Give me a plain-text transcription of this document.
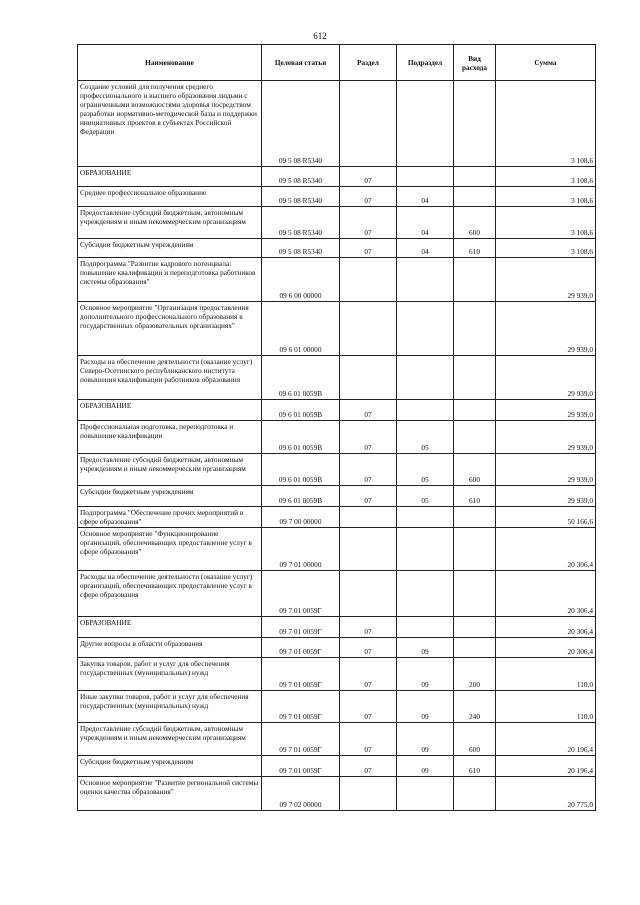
612
Наименование	Целевая статья	Раздел	Подраздел	Вид расхода	Сумма
Создание условий для получения среднего профессионального и высшего образования людьми с ограниченными возможностями здоровья посредством разработки нормативно-методической базы и поддержки инициативных проектов в субъектах Российской Федерации	09 5 08 R5340				3 108,6
ОБРАЗОВАНИЕ	09 5 08 R5340	07			3 108,6
Среднее профессиональное образование	09 5 08 R5340	07	04		3 108,6
Предоставление субсидий бюджетным, автономным учреждениям и иным некоммерческим организациям	09 5 08 R5340	07	04	600	3 108,6
Субсидии бюджетным учреждениям	09 5 08 R5340	07	04	610	3 108,6
Подпрограмма "Развитие кадрового потенциала: повышение квалификации и переподготовка работников системы образования"	09 6 00 00000				29 939,0
Основное мероприятие "Организация предоставления дополнительного профессионального образования в государственных образовательных организациях"	09 6 01 00000				29 939,0
Расходы на обеспечение деятельности (оказание услуг) Северо-Осетинского республиканского института повышения квалификации работников образования	09 6 01 0059В				29 939,0
ОБРАЗОВАНИЕ	09 6 01 0059В	07			29 939,0
Профессиональная подготовка, переподготовка и повышение квалификации	09 6 01 0059В	07	05		29 939,0
Предоставление субсидий бюджетным, автономным учреждениям и иным некоммерческим организациям	09 6 01 0059В	07	05	600	29 939,0
Субсидии бюджетным учреждениям	09 6 01 0059В	07	05	610	29 939,0
Подпрограмма "Обеспечение прочих мероприятий в сфере образования"	09 7 00 00000				50 166,6
Основное мероприятие "Функционирование организаций, обеспечивающих предоставление услуг в сфере образования"	09 7 01 00000				20 306,4
Расходы на обеспечение деятельности (оказание услуг) организаций, обеспечивающих предоставление услуг в сфере образования	09 7 01 0059Г				20 306,4
ОБРАЗОВАНИЕ	09 7 01 0059Г	07			20 306,4
Другие вопросы в области образования	09 7 01 0059Г	07	09		20 306,4
Закупка товаров, работ и услуг для обеспечения государственных (муниципальных) нужд	09 7 01 0059Г	07	09	200	110,0
Иные закупки товаров, работ и услуг для обеспечения государственных (муниципальных) нужд	09 7 01 0059Г	07	09	240	110,0
Предоставление субсидий бюджетным, автономным учреждениям и иным некоммерческим организациям	09 7 01 0059Г	07	09	600	20 196,4
Субсидии бюджетным учреждениям	09 7 01 0059Г	07	09	610	20 196,4
Основное мероприятие "Развитие региональной системы оценки качества образования"	09 7 02 00000				20 775,0
